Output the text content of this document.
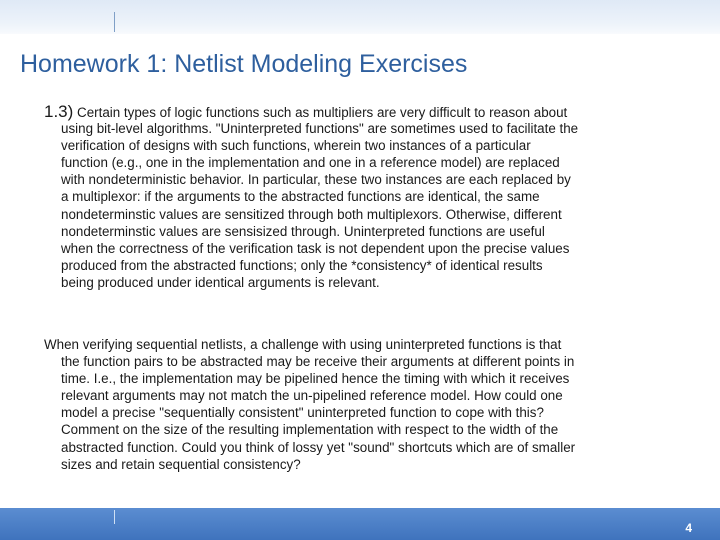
Homework 1: Netlist Modeling Exercises

1.3) Certain types of logic functions such as multipliers are very difficult to reason about
using bit-level algorithms. "Uninterpreted functions" are sometimes used to facilitate the
verification of designs with such functions, wherein two instances of a particular
function (e.g., one in the implementation and one in a reference model) are replaced
with nondeterministic behavior. In particular, these two instances are each replaced by
a multiplexor: if the arguments to the abstracted functions are identical, the same
nondeterminstic values are sensitized through both multiplexors. Otherwise, different
nondeterminstic values are sensisized through. Uninterpreted functions are useful
when the correctness of the verification task is not dependent upon the precise values
produced from the abstracted functions; only the *consistency* of identical results
being produced under identical arguments is relevant.

When verifying sequential netlists, a challenge with using uninterpreted functions is that
the function pairs to be abstracted may be receive their arguments at different points in
time. I.e., the implementation may be pipelined hence the timing with which it receives
relevant arguments may not match the un-pipelined reference model. How could one
model a precise "sequentially consistent" uninterpreted function to cope with this?
Comment on the size of the resulting implementation with respect to the width of the
abstracted function. Could you think of lossy yet "sound" shortcuts which are of smaller
sizes and retain sequential consistency?

4
